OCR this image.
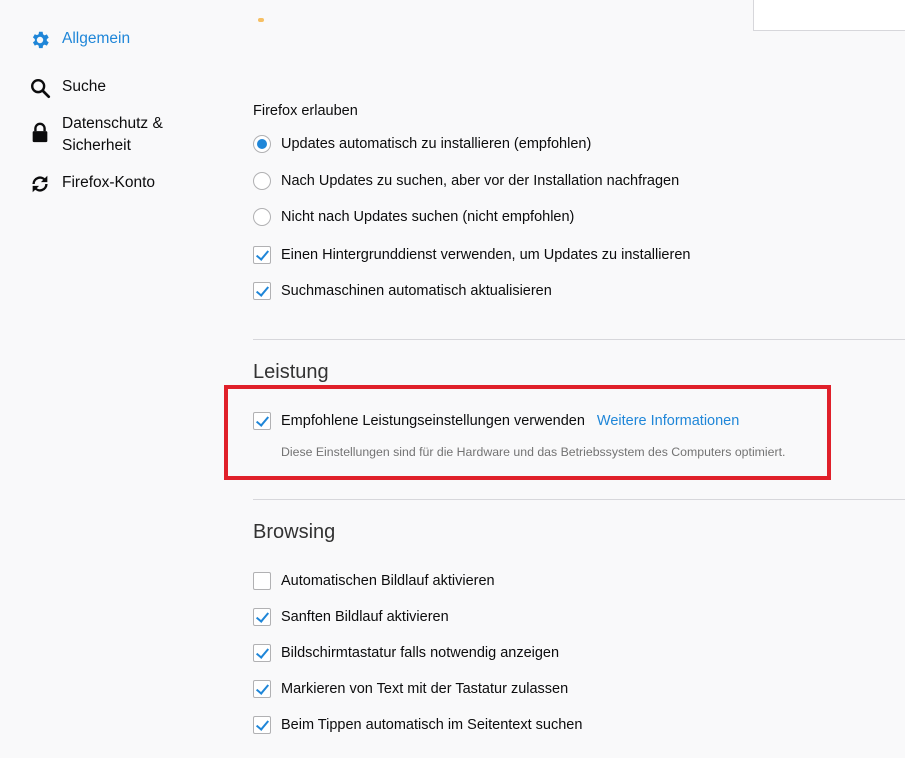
Allgemein
Suche
Datenschutz &
Sicherheit
Firefox-Konto
Firefox erlauben
Updates automatisch zu installieren (empfohlen)
Nach Updates zu suchen, aber vor der Installation nachfragen
Nicht nach Updates suchen (nicht empfohlen)
Einen Hintergrunddienst verwenden, um Updates zu installieren
Suchmaschinen automatisch aktualisieren
Leistung
Empfohlene Leistungseinstellungen verwenden Weitere Informationen
Diese Einstellungen sind für die Hardware und das Betriebssystem des Computers optimiert.
Browsing
Automatischen Bildlauf aktivieren
Sanften Bildlauf aktivieren
Bildschirmtastatur falls notwendig anzeigen
Markieren von Text mit der Tastatur zulassen
Beim Tippen automatisch im Seitentext suchen
